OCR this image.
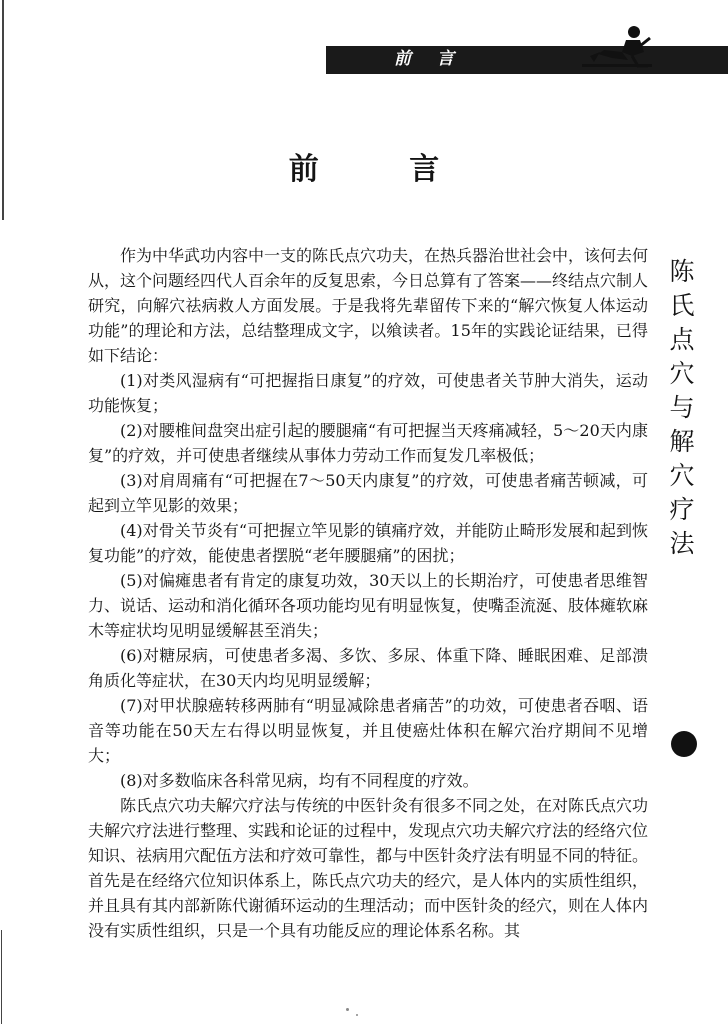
前 言
前 言
陈
氏
点
穴
与
解
穴
疗
法

作为中华武功内容中一支的陈氏点穴功夫，在热兵器治世社会中，该何去何从，这个问题经四代人百余年的反复思索，今日总算有了答案——终结点穴制人研究，向解穴祛病救人方面发展。于是我将先辈留传下来的“解穴恢复人体运动功能”的理论和方法，总结整理成文字，以飨读者。15年的实践论证结果，已得如下结论：

(1)对类风湿病有“可把握指日康复”的疗效，可使患者关节肿大消失，运动功能恢复；

(2)对腰椎间盘突出症引起的腰腿痛“有可把握当天疼痛减轻，5～20天内康复”的疗效，并可使患者继续从事体力劳动工作而复发几率极低；

(3)对肩周痛有“可把握在7～50天内康复”的疗效，可使患者痛苦顿减，可起到立竿见影的效果；

(4)对骨关节炎有“可把握立竿见影的镇痛疗效，并能防止畸形发展和起到恢复功能”的疗效，能使患者摆脱“老年腰腿痛”的困扰；

(5)对偏瘫患者有肯定的康复功效，30天以上的长期治疗，可使患者思维智力、说话、运动和消化循环各项功能均见有明显恢复，使嘴歪流涎、肢体瘫软麻木等症状均见明显缓解甚至消失；

(6)对糖尿病，可使患者多渴、多饮、多尿、体重下降、睡眠困难、足部溃角质化等症状，在30天内均见明显缓解；

(7)对甲状腺癌转移两肺有“明显减除患者痛苦”的功效，可使患者吞咽、语音等功能在50天左右得以明显恢复，并且使癌灶体积在解穴治疗期间不见增大；

(8)对多数临床各科常见病，均有不同程度的疗效。

陈氏点穴功夫解穴疗法与传统的中医针灸有很多不同之处，在对陈氏点穴功夫解穴疗法进行整理、实践和论证的过程中，发现点穴功夫解穴疗法的经络穴位知识、祛病用穴配伍方法和疗效可靠性，都与中医针灸疗法有明显不同的特征。首先是在经络穴位知识体系上，陈氏点穴功夫的经穴，是人体内的实质性组织，并且具有其内部新陈代谢循环运动的生理活动；而中医针灸的经穴，则在人体内没有实质性组织，只是一个具有功能反应的理论体系名称。其
